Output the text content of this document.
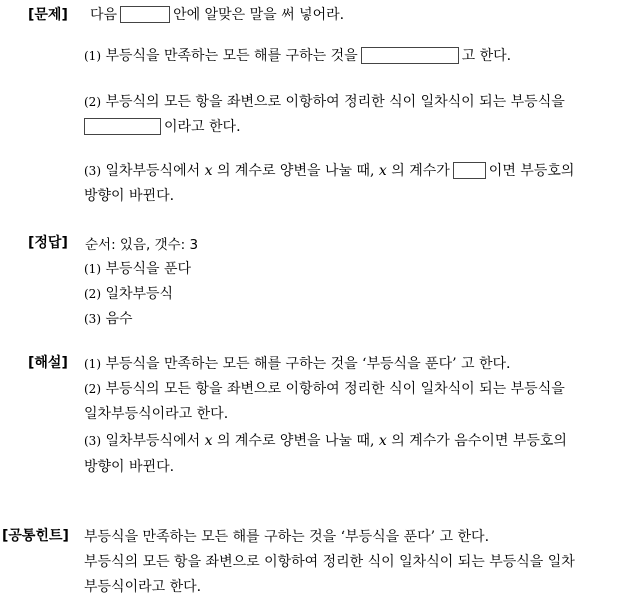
[문제] 다음	안에 알맞은 말을 써 넣어라.
(1) 부등식을 만족하는 모든 해를 구하는 것을	고 한다.
(2) 부등식의 모든 항을 좌변으로 이항하여 정리한 식이 일차식이 되는 부등식을
이라고 한다.
(3) 일차부등식에서 x 의 계수로 양변을 나눌 때, x 의 계수가	이면 부등호의
방향이 바뀐다.
[정답] 순서: 있음, 갯수: 3
(1) 부등식을 푼다
(2) 일차부등식
(3) 음수
[해설] (1) 부등식을 만족하는 모든 해를 구하는 것을 ‘부등식을 푼다’ 고 한다.
(2) 부등식의 모든 항을 좌변으로 이항하여 정리한 식이 일차식이 되는 부등식을
일차부등식이라고 한다.
(3) 일차부등식에서 x 의 계수로 양변을 나눌 때, x 의 계수가 음수이면 부등호의
방향이 바뀐다.
[공통힌트] 부등식을 만족하는 모든 해를 구하는 것을 ‘부등식을 푼다’ 고 한다.
부등식의 모든 항을 좌변으로 이항하여 정리한 식이 일차식이 되는 부등식을 일차
부등식이라고 한다.
